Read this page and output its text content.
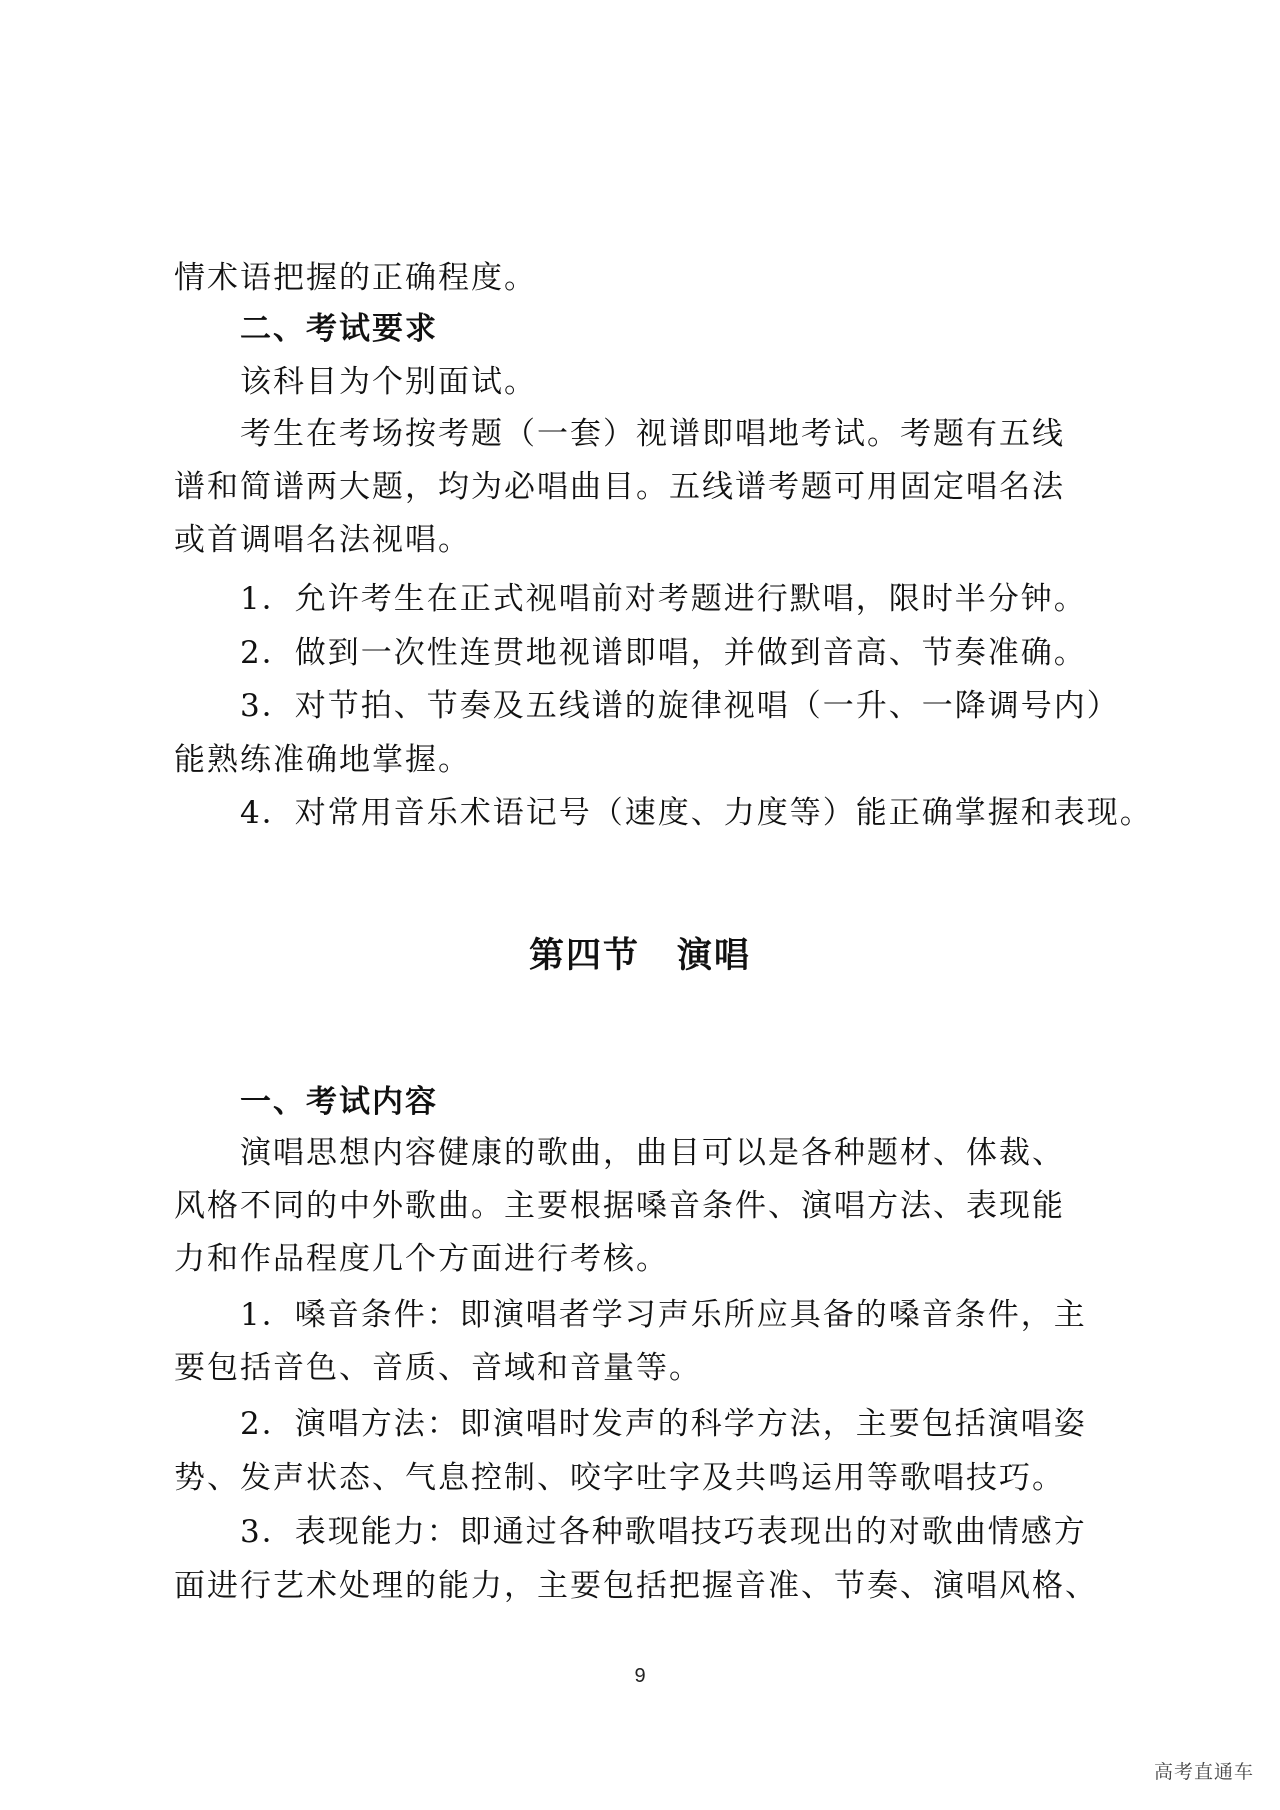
情术语把握的正确程度。
二、考试要求
该科目为个别面试。
考生在考场按考题（一套）视谱即唱地考试。考题有五线
谱和简谱两大题，均为必唱曲目。五线谱考题可用固定唱名法
或首调唱名法视唱。
1．允许考生在正式视唱前对考题进行默唱，限时半分钟。
2．做到一次性连贯地视谱即唱，并做到音高、节奏准确。
3．对节拍、节奏及五线谱的旋律视唱（一升、一降调号内）
能熟练准确地掌握。
4．对常用音乐术语记号（速度、力度等）能正确掌握和表现。
第四节　演唱
一、考试内容
演唱思想内容健康的歌曲，曲目可以是各种题材、体裁、
风格不同的中外歌曲。主要根据嗓音条件、演唱方法、表现能
力和作品程度几个方面进行考核。
1．嗓音条件：即演唱者学习声乐所应具备的嗓音条件，主
要包括音色、音质、音域和音量等。
2．演唱方法：即演唱时发声的科学方法，主要包括演唱姿
势、发声状态、气息控制、咬字吐字及共鸣运用等歌唱技巧。
3．表现能力：即通过各种歌唱技巧表现出的对歌曲情感方
面进行艺术处理的能力，主要包括把握音准、节奏、演唱风格、
9
高考直通车
